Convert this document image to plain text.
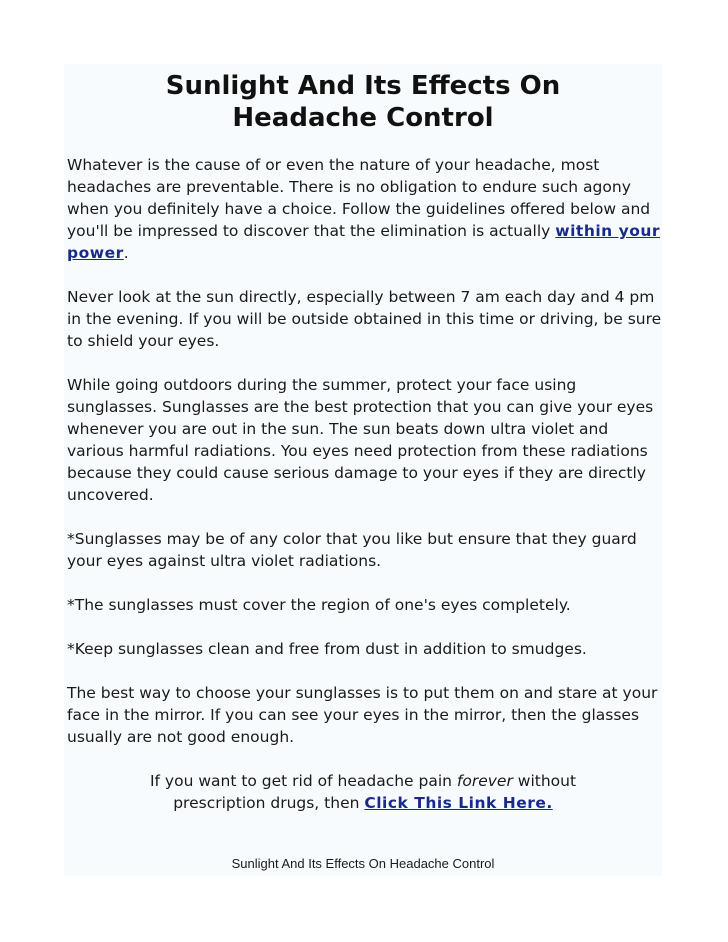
Sunlight And Its Effects On
Headache Control

Whatever is the cause of or even the nature of your headache, most headaches are preventable. There is no obligation to endure such agony when you definitely have a choice. Follow the guidelines offered below and you'll be impressed to discover that the elimination is actually within your power.

Never look at the sun directly, especially between 7 am each day and 4 pm in the evening. If you will be outside obtained in this time or driving, be sure to shield your eyes.

While going outdoors during the summer, protect your face using sunglasses. Sunglasses are the best protection that you can give your eyes whenever you are out in the sun. The sun beats down ultra violet and various harmful radiations. You eyes need protection from these radiations because they could cause serious damage to your eyes if they are directly uncovered.

*Sunglasses may be of any color that you like but ensure that they guard your eyes against ultra violet radiations.

*The sunglasses must cover the region of one's eyes completely.

*Keep sunglasses clean and free from dust in addition to smudges.

The best way to choose your sunglasses is to put them on and stare at your face in the mirror. If you can see your eyes in the mirror, then the glasses usually are not good enough.

If you want to get rid of headache pain forever without prescription drugs, then Click This Link Here.

Sunlight And Its Effects On Headache Control
